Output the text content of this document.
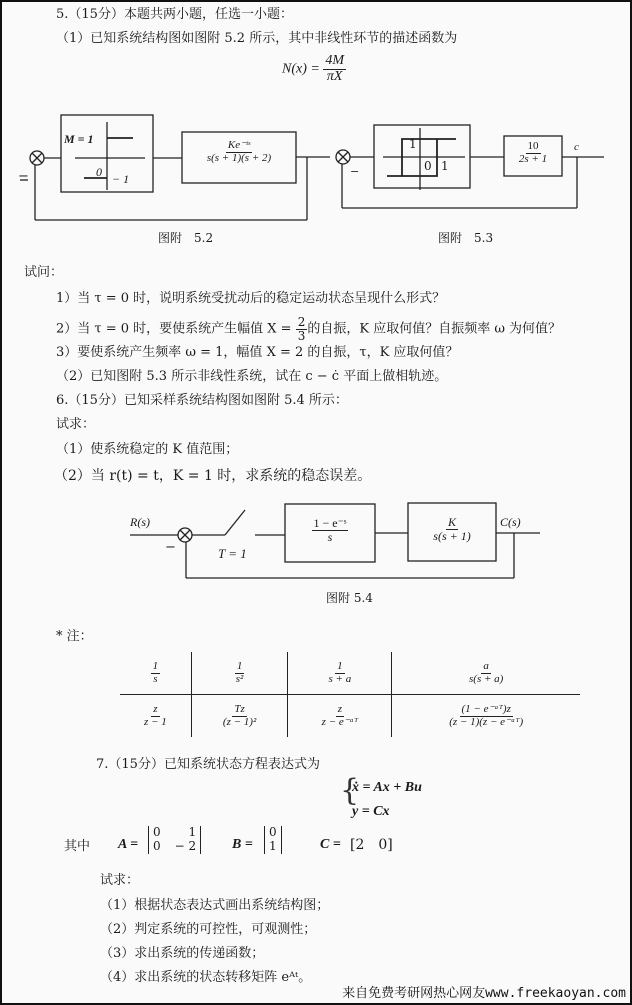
5.（15分）本题共两小题，任选一小题：
（1）已知系统结构图如图附 5.2 所示，其中非线性环节的描述函数为
$N(x) = \frac{4M}{\pi X}$
M = 1
0 − 1
−
$\frac{\text{Ke⁻ᵗˢ}}{s(s + 1)(s + 2)}$
图附　5.2
1
0 1
−
$\frac{10}{2s + 1}$ c
图附　5.3
试问：
1）当 τ = 0 时，说明系统受扰动后的稳定运动状态呈现什么形式？
2）当 τ = 0 时，要使系统产生幅值 $X = \frac{2}{3}$ 的自振，K 应取何值？自振频率 ω 为何值？
3）要使系统产生频率 ω = 1，幅值 X = 2 的自振，τ，K 应取何值？
（2）已知图附 5.3 所示非线性系统，试在 c − ċ 平面上做相轨迹。
6.（15分）已知采样系统结构图如图附 5.4 所示：
试求：
（1）使系统稳定的 K 值范围；
（2）当 r(t) = t，K = 1 时，求系统的稳态误差。
R(s)
−	T = 1
$\frac{\text{1 − e⁻ˢ}}{s}$	$\frac{K}{s(s + 1)} C(s)$
图附 5.4
* 注：
$\frac{1}{s}$	$\frac{1}{\text{s²}}$	$\frac{1}{s + a}$	$\frac{a}{s(s + a)}$

$\frac{z}{z - 1}$	$\frac{Tz}{\text{(z − 1)²}}$	$\frac{z}{\text{z − e⁻ᵃᵀ}}$	$\frac{\text{(1 − e⁻ᵃᵀ)z}}{\text{(z − 1)(z − e⁻ᵃᵀ)}}$
7.（15分）已知系统状态方程表达式为
{
ẋ = Ax + Bu
y = Cx
其中 A =
0 1
0 − 2	B =
0
1	C = [2　0]
试求：
（1）根据状态表达式画出系统结构图；
（2）判定系统的可控性，可观测性；
（3）求出系统的传递函数；
（4）求出系统的状态转移矩阵 eᴬᵗ。
来自免费考研网热心网友www.freekaoyan.com
